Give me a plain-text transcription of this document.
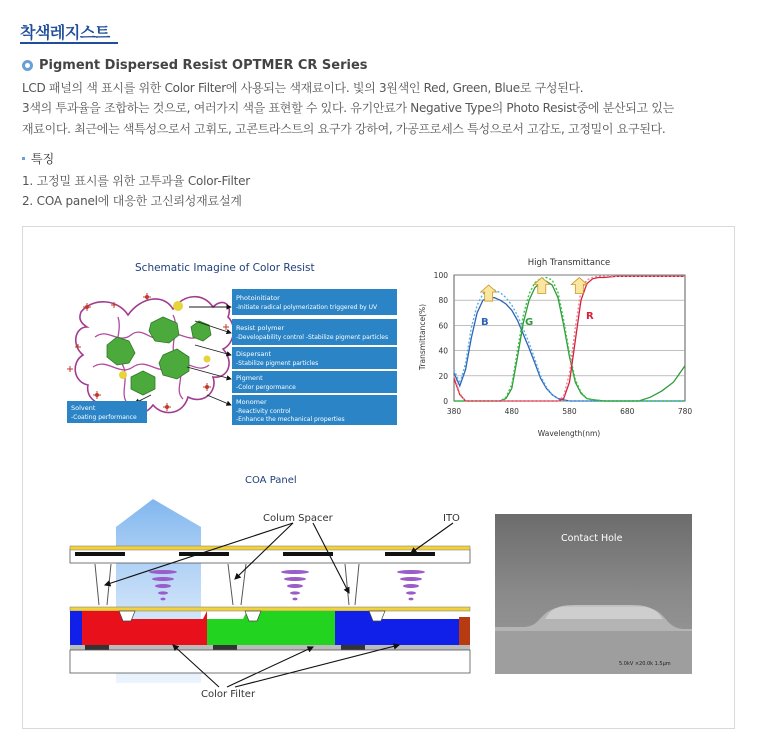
착색레지스트
Pigment Dispersed Resist OPTMER CR Series
LCD 패널의 색 표시를 위한 Color Filter에 사용되는 색재료이다. 빛의 3원색인 Red, Green, Blue로 구성된다.
3색의 투과율을 조합하는 것으로, 여러가지 색을 표현할 수 있다. 유기안료가 Negative Type의 Photo Resist중에 분산되고 있는
재료이다. 최근에는 색특성으로서 고휘도, 고콘트라스트의 요구가 강하여, 가공프로세스 특성으로서 고감도, 고정밀이 요구된다.
특징
1. 고정밀 표시를 위한 고투과율 Color-Filter
2. COA panel에 대응한 고신뢰성재료설계
Schematic Imagine of Color Resist
Photoinitiator
-Initiate radical polymerization triggered by UV
Resist polymer
-Developability control -Stabilize pigment particles
Dispersant
-Stabilize pigment particles
Pigment
-Color pergormance
Monomer
-Reactivity control
-Enhance the mechanical properties
Solvent
-Coating performance
High Transmittance
0
20
40
60
80
100
380	480	580	680	780
B	G
R
Wavelength(nm)
Transmittance(%)
COA Panel
Colum Spacer	ITO
Color Filter
Contact Hole
5.0kV ×20.0k 1.5μm
